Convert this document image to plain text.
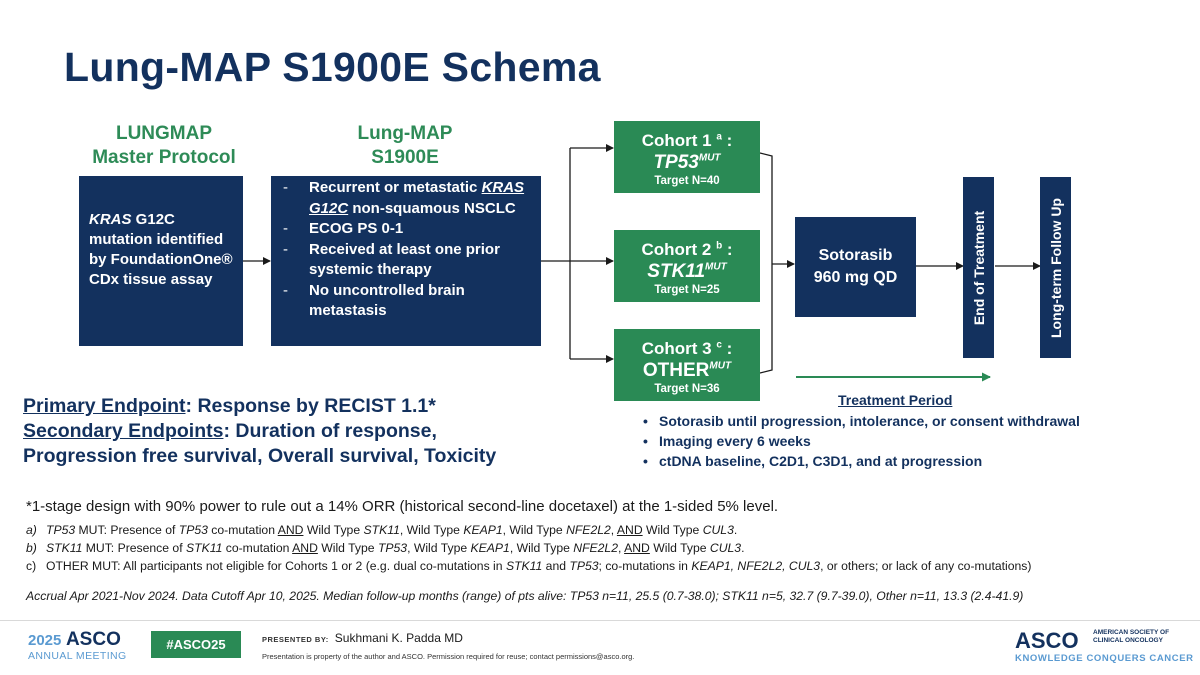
Lung-MAP S1900E Schema
LUNGMAP
Master Protocol
Lung-MAP
S1900E
KRAS G12C mutation identified by FoundationOne® CDx tissue assay
- Recurrent or metastatic KRAS G12C non-squamous NSCLC
- ECOG PS 0-1
- Received at least one prior systemic therapy
- No uncontrolled brain metastasis
Cohort 1 $^a$ :
$TP53^{MUT}$
Target N=40
Cohort 2 $^b$ :
$STK11^{MUT}$
Target N=25
Cohort 3 $^c$ :
$OTHER^{MUT}$
Target N=36
Sotorasib
960 mg QD	End of Treatment	Long-term Follow Up
Primary Endpoint: Response by RECIST 1.1*
Secondary Endpoints: Duration of response,
Progression free survival, Overall survival, Toxicity
Treatment Period
• Sotorasib until progression, intolerance, or consent withdrawal
• Imaging every 6 weeks
• ctDNA baseline, C2D1, C3D1, and at progression
*1-stage design with 90% power to rule out a 14% ORR (historical second-line docetaxel) at the 1-sided 5% level.
a) TP53 MUT: Presence of TP53 co-mutation AND Wild Type STK11, Wild Type KEAP1, Wild Type NFE2L2, AND Wild Type CUL3.
b) STK11 MUT: Presence of STK11 co-mutation AND Wild Type TP53, Wild Type KEAP1, Wild Type NFE2L2, AND Wild Type CUL3.
c) OTHER MUT: All participants not eligible for Cohorts 1 or 2 (e.g. dual co-mutations in STK11 and TP53; co-mutations in KEAP1, NFE2L2, CUL3, or others; or lack of any co-mutations)
Accrual Apr 2021-Nov 2024. Data Cutoff Apr 10, 2025. Median follow-up months (range) of pts alive: TP53 n=11, 25.5 (0.7-38.0); STK11 n=5, 32.7 (9.7-39.0), Other n=11, 13.3 (2.4-41.9)
2025 ASCO
ANNUAL MEETING
#ASCO25	PRESENTED BY: Sukhmani K. Padda MD
Presentation is property of the author and ASCO. Permission required for reuse; contact permissions@asco.org.
ASCO AMERICAN SOCIETY OF CLINICAL ONCOLOGY
KNOWLEDGE CONQUERS CANCER
